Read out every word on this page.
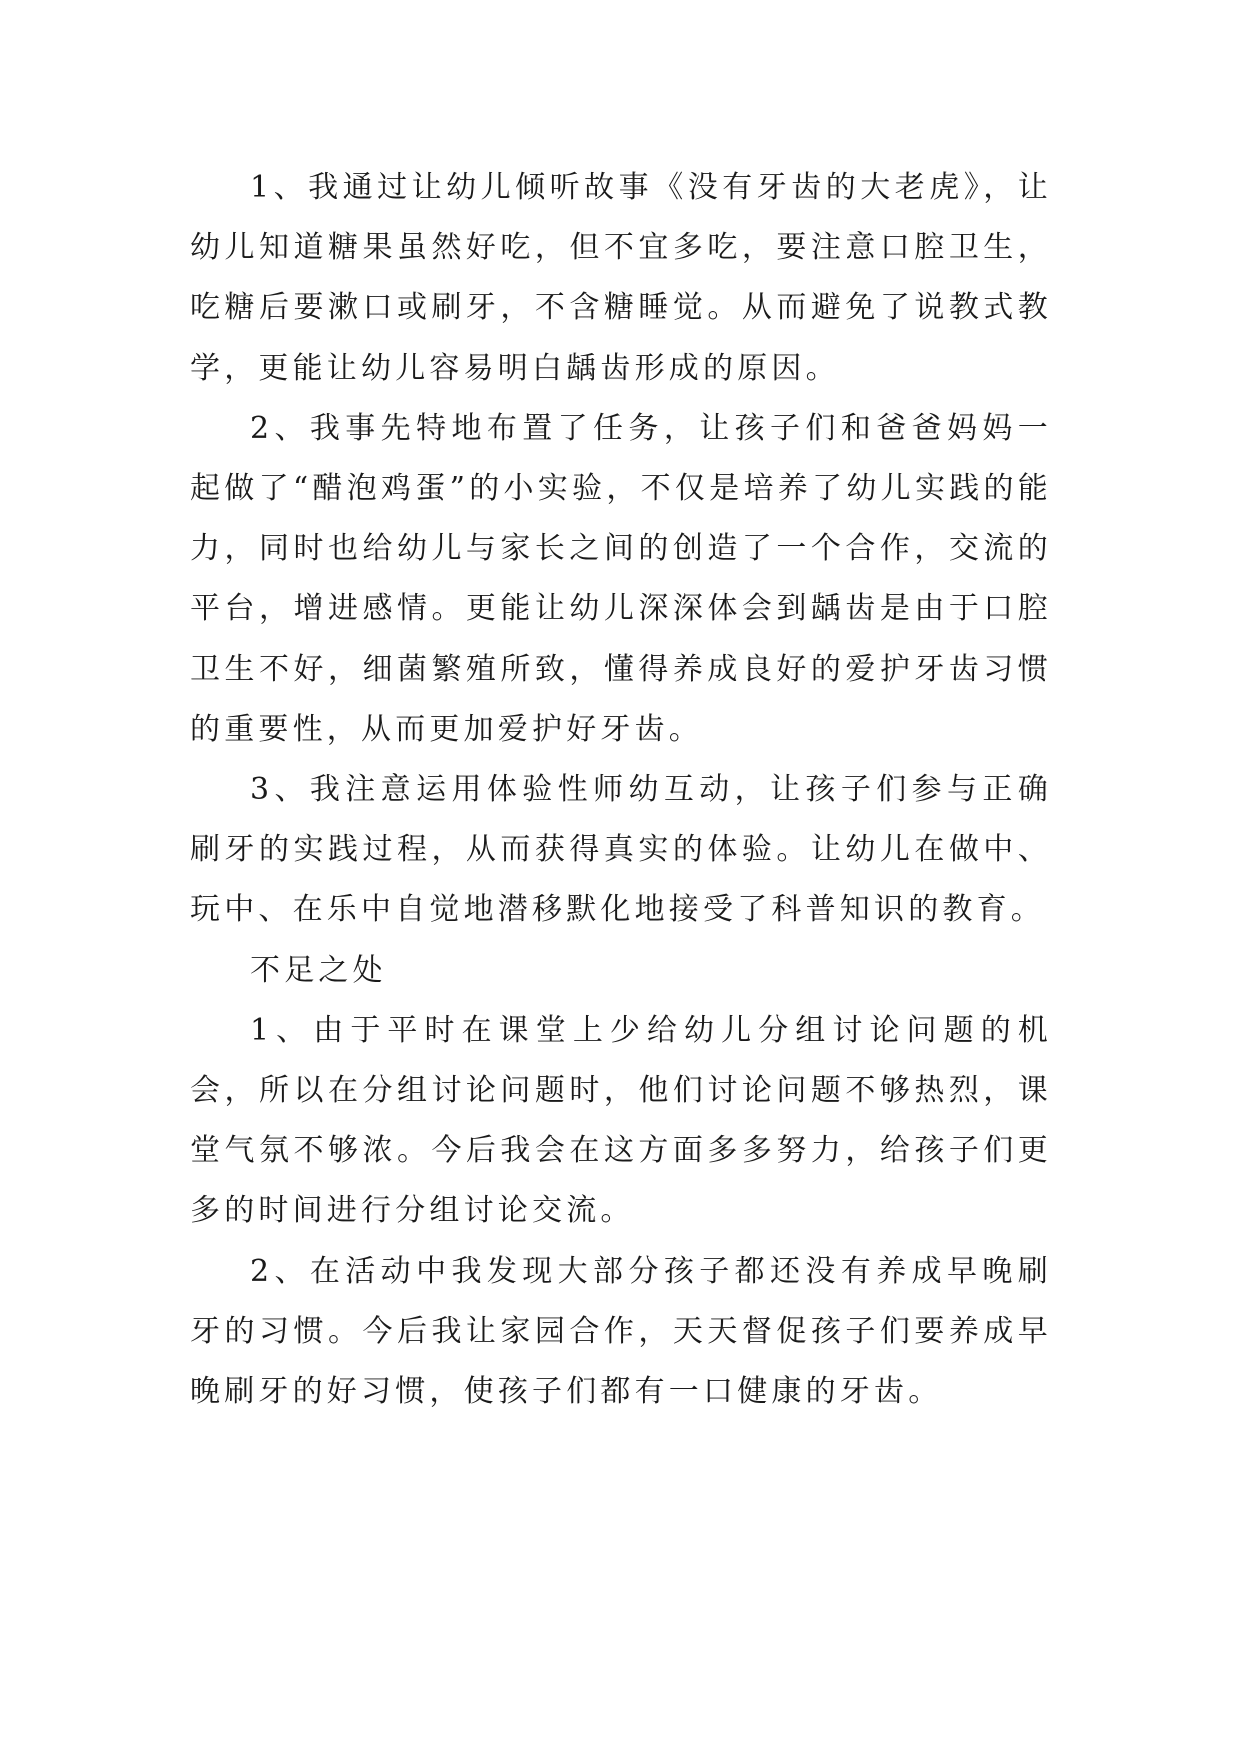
1、我通过让幼儿倾听故事《没有牙齿的大老虎》，让幼儿知道糖果虽然好吃，但不宜多吃，要注意口腔卫生，吃糖后要漱口或刷牙，不含糖睡觉。从而避免了说教式教学，更能让幼儿容易明白龋齿形成的原因。

2、我事先特地布置了任务，让孩子们和爸爸妈妈一起做了“醋泡鸡蛋”的小实验，不仅是培养了幼儿实践的能力，同时也给幼儿与家长之间的创造了一个合作，交流的平台，增进感情。更能让幼儿深深体会到龋齿是由于口腔卫生不好，细菌繁殖所致，懂得养成良好的爱护牙齿习惯的重要性，从而更加爱护好牙齿。

3、我注意运用体验性师幼互动，让孩子们参与正确刷牙的实践过程，从而获得真实的体验。让幼儿在做中、玩中、在乐中自觉地潜移默化地接受了科普知识的教育。

不足之处

1、由于平时在课堂上少给幼儿分组讨论问题的机会，所以在分组讨论问题时，他们讨论问题不够热烈，课堂气氛不够浓。今后我会在这方面多多努力，给孩子们更多的时间进行分组讨论交流。

2、在活动中我发现大部分孩子都还没有养成早晚刷牙的习惯。今后我让家园合作，天天督促孩子们要养成早晚刷牙的好习惯，使孩子们都有一口健康的牙齿。
